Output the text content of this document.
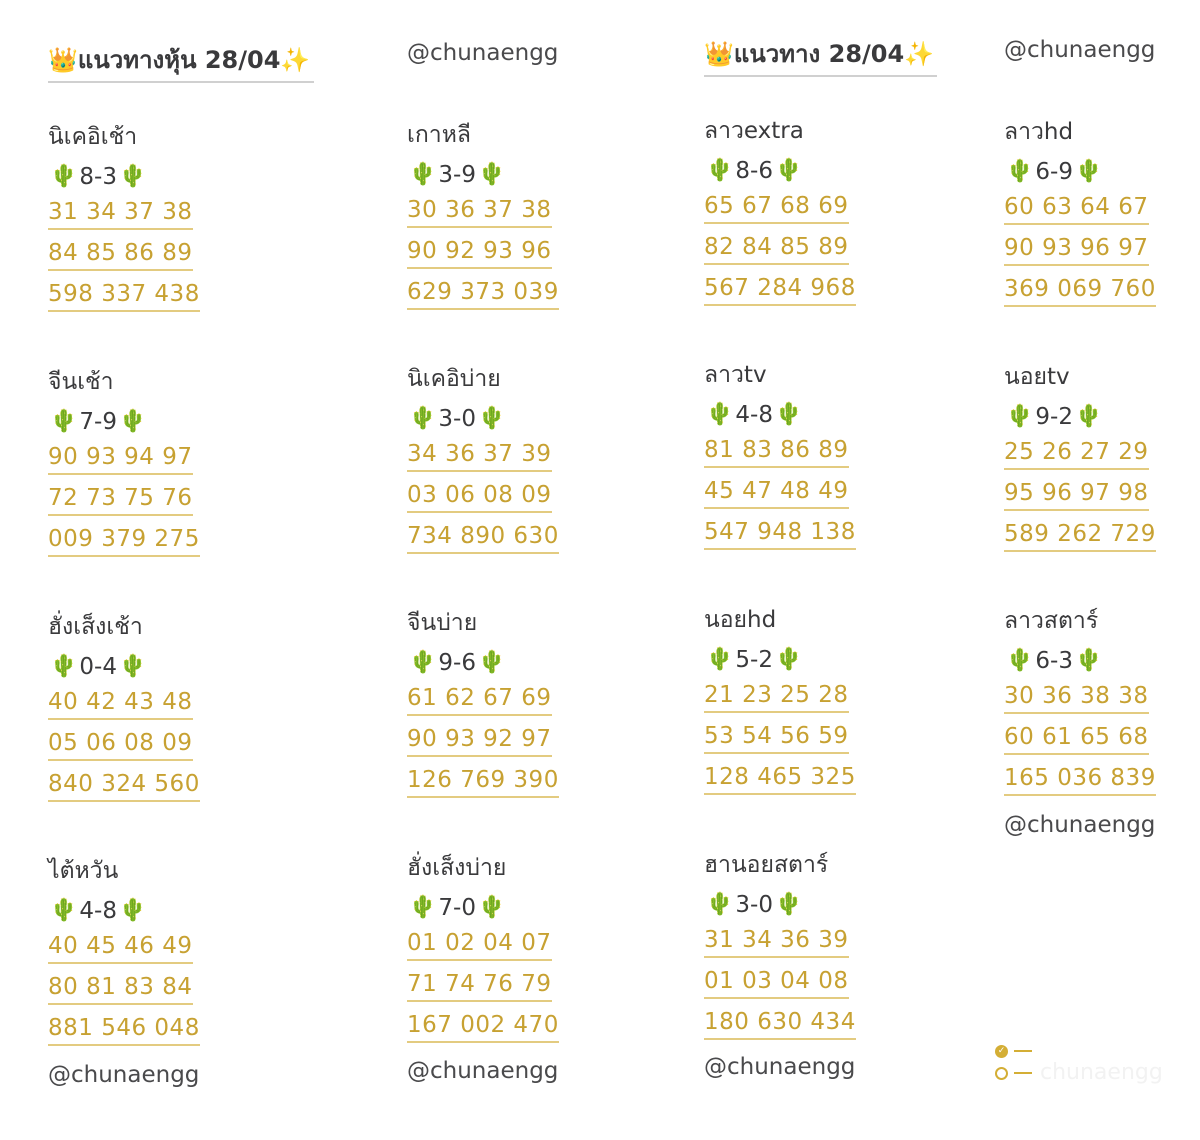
👑 แนวทางหุ้น 28/04 ✨	@chunaengg	👑 แนวทาง 28/04 ✨	@chunaengg
นิเคอิเช้า
🌵 8-3 🌵
31 34 37 38
84 85 86 89
598 337 438
จีนเช้า
🌵 7-9 🌵
90 93 94 97
72 73 75 76
009 379 275
ฮั่งเส็งเช้า
🌵 0-4 🌵
40 42 43 48
05 06 08 09
840 324 560
ไต้หวัน
🌵 4-8 🌵
40 45 46 49
80 81 83 84
881 546 048
เกาหลี
🌵 3-9 🌵
30 36 37 38
90 92 93 96
629 373 039
นิเคอิบ่าย
🌵 3-0 🌵
34 36 37 39
03 06 08 09
734 890 630
จีนบ่าย
🌵 9-6 🌵
61 62 67 69
90 93 92 97
126 769 390
ฮั่งเส็งบ่าย
🌵 7-0 🌵
01 02 04 07
71 74 76 79
167 002 470
ลาวextra
🌵 8-6 🌵
65 67 68 69
82 84 85 89
567 284 968
ลาวtv
🌵 4-8 🌵
81 83 86 89
45 47 48 49
547 948 138
นอยhd
🌵 5-2 🌵
21 23 25 28
53 54 56 59
128 465 325
ฮานอยสตาร์
🌵 3-0 🌵
31 34 36 39
01 03 04 08
180 630 434
ลาวhd
🌵 6-9 🌵
60 63 64 67
90 93 96 97
369 069 760
นอยtv
🌵 9-2 🌵
25 26 27 29
95 96 97 98
589 262 729
ลาวสตาร์
🌵 6-3 🌵
30 36 38 38
60 61 65 68
165 036 839
@chunaengg	@chunaengg	@chunaengg
@chunaengg
✓
chunaengg
